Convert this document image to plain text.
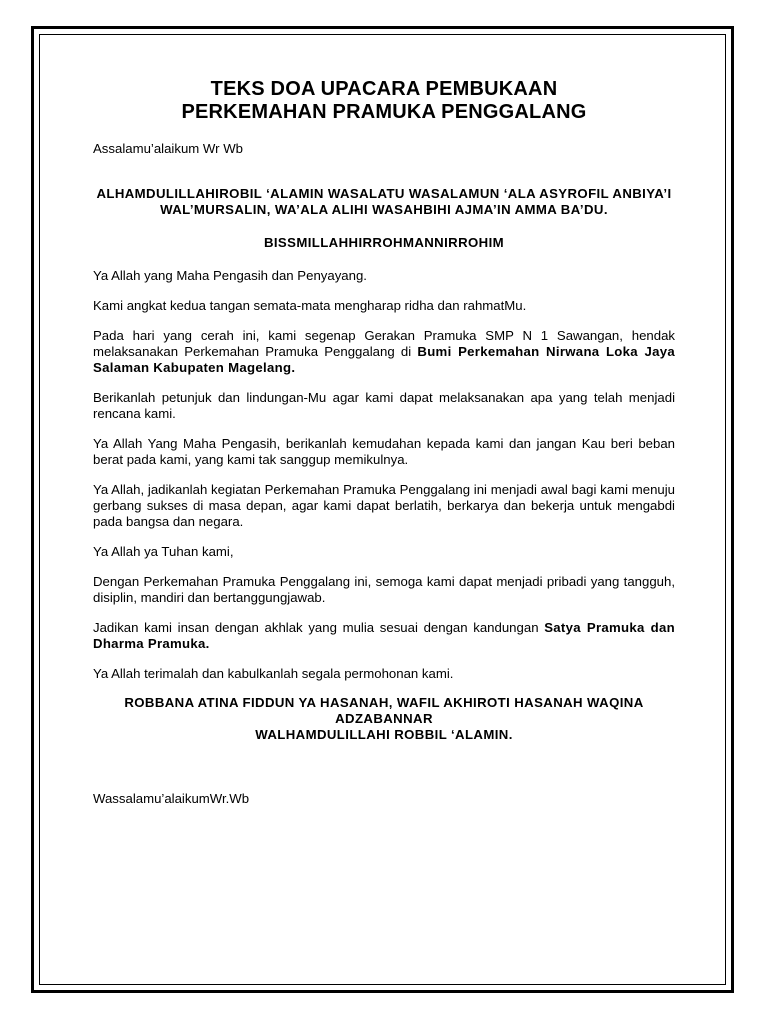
TEKS DOA UPACARA PEMBUKAAN
PERKEMAHAN PRAMUKA PENGGALANG

Assalamu’alaikum Wr Wb

ALHAMDULILLAHIROBIL ‘ALAMIN WASALATU WASALAMUN ‘ALA ASYROFIL ANBIYA’I WAL’MURSALIN, WA’ALA ALIHI WASAHBIHI AJMA’IN AMMA BA’DU.

BISSMILLAHHIRROHMANNIRROHIM

Ya Allah yang Maha Pengasih dan Penyayang.

Kami angkat kedua tangan semata-mata mengharap ridha dan rahmatMu.

Pada hari yang cerah ini, kami segenap Gerakan Pramuka SMP N 1 Sawangan, hendak melaksanakan Perkemahan Pramuka Penggalang di Bumi Perkemahan Nirwana Loka Jaya Salaman Kabupaten Magelang.

Berikanlah petunjuk dan lindungan-Mu agar kami dapat melaksanakan apa yang telah menjadi rencana kami.

Ya Allah Yang Maha Pengasih, berikanlah kemudahan kepada kami dan jangan Kau beri beban berat pada kami, yang kami tak sanggup memikulnya.

Ya Allah, jadikanlah kegiatan Perkemahan Pramuka Penggalang ini menjadi awal bagi kami menuju gerbang sukses di masa depan, agar kami dapat berlatih, berkarya dan bekerja untuk mengabdi pada bangsa dan negara.

Ya Allah ya Tuhan kami,

Dengan Perkemahan Pramuka Penggalang ini, semoga kami dapat menjadi pribadi yang tangguh, disiplin, mandiri dan bertanggungjawab.

Jadikan kami insan dengan akhlak yang mulia sesuai dengan kandungan Satya Pramuka dan Dharma Pramuka.

Ya Allah terimalah dan kabulkanlah segala permohonan kami.

ROBBANA ATINA FIDDUN YA HASANAH, WAFIL AKHIROTI HASANAH WAQINA ADZABANNAR
WALHAMDULILLAHI ROBBIL ‘ALAMIN.

Wassalamu’alaikumWr.Wb
